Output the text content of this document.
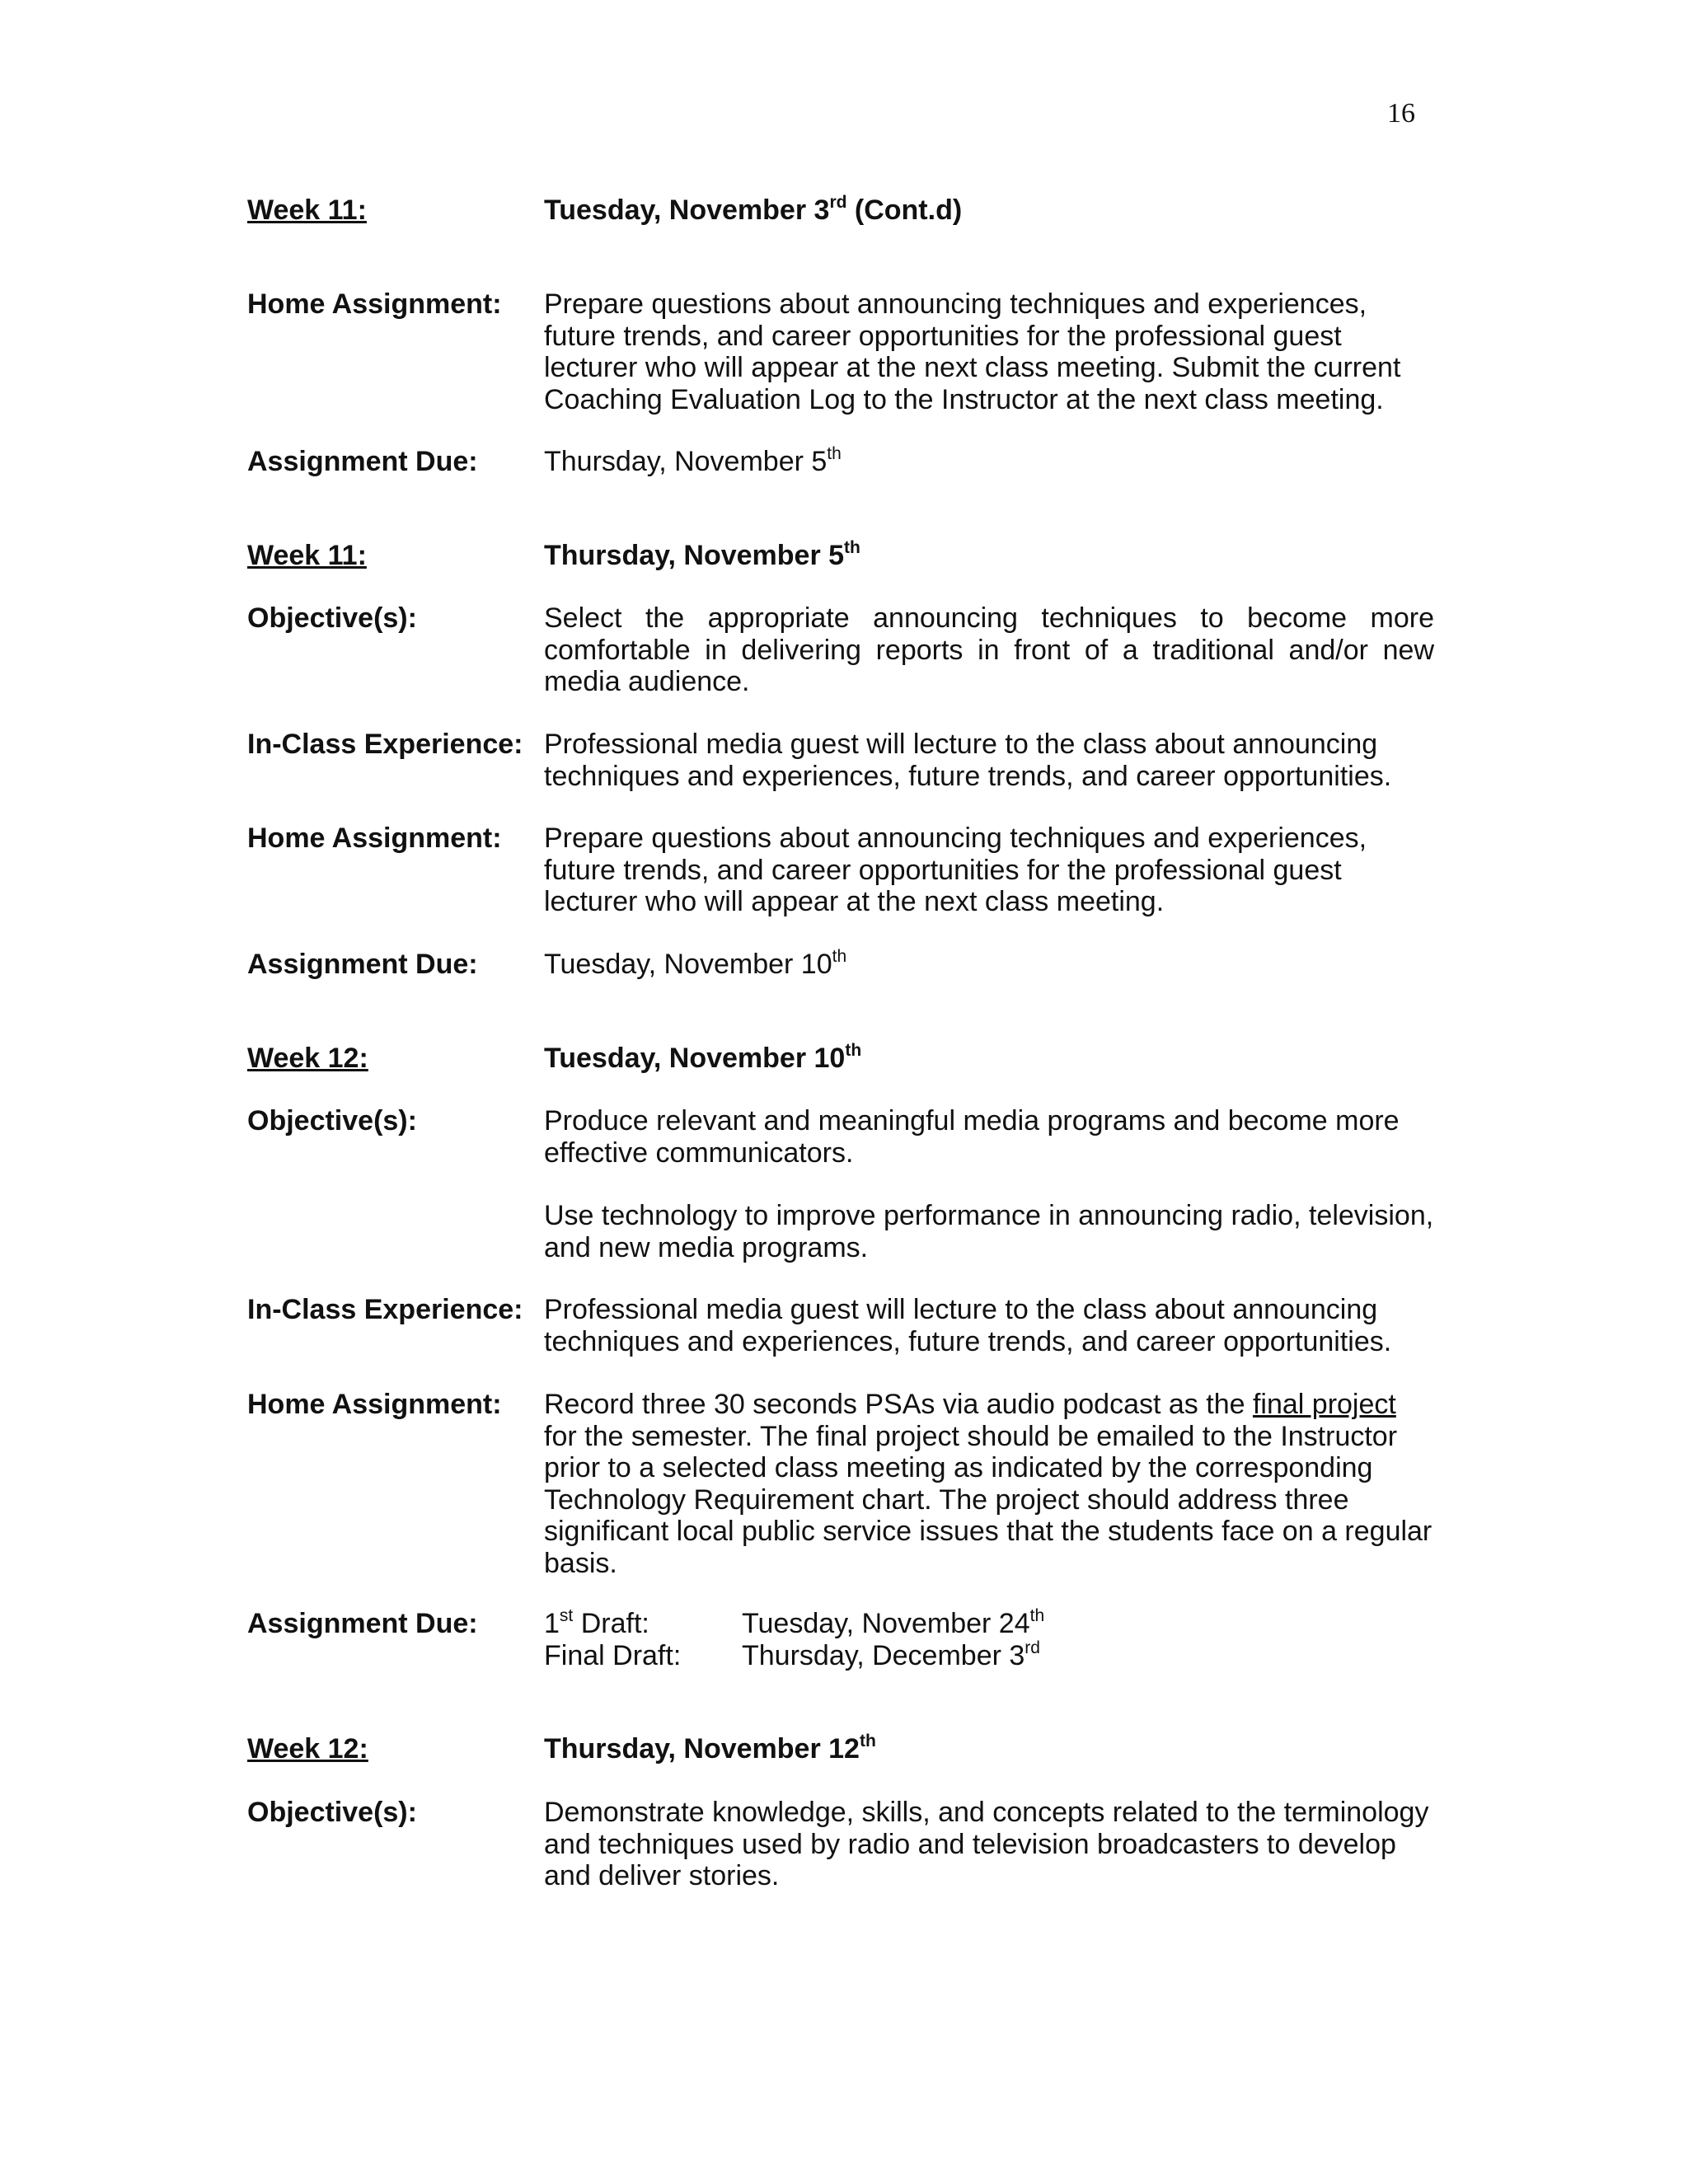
16
Week 11:	Tuesday, November 3rd (Cont.d)
Home Assignment:	Prepare questions about announcing techniques and experiences, future trends, and career opportunities for the professional guest lecturer who will appear at the next class meeting. Submit the current Coaching Evaluation Log to the Instructor at the next class meeting.
Assignment Due:	Thursday, November 5th
Week 11:	Thursday, November 5th
Objective(s):	Select the appropriate announcing techniques to become more comfortable in delivering reports in front of a traditional and/or new media audience.
In-Class Experience: Professional media guest will lecture to the class about announcing techniques and experiences, future trends, and career opportunities.
Home Assignment:	Prepare questions about announcing techniques and experiences, future trends, and career opportunities for the professional guest lecturer who will appear at the next class meeting.
Assignment Due:	Tuesday, November 10th
Week 12:	Tuesday, November 10th
Objective(s):	Produce relevant and meaningful media programs and become more effective communicators.
Use technology to improve performance in announcing radio, television, and new media programs.
In-Class Experience: Professional media guest will lecture to the class about announcing techniques and experiences, future trends, and career opportunities.
Home Assignment:	Record three 30 seconds PSAs via audio podcast as the final project for the semester. The final project should be emailed to the Instructor prior to a selected class meeting as indicated by the corresponding Technology Requirement chart. The project should address three significant local public service issues that the students face on a regular basis.
Assignment Due:	1st Draft:	Tuesday, November 24th
Final Draft:	Thursday, December 3rd
Week 12:	Thursday, November 12th
Objective(s):	Demonstrate knowledge, skills, and concepts related to the terminology and techniques used by radio and television broadcasters to develop and deliver stories.
